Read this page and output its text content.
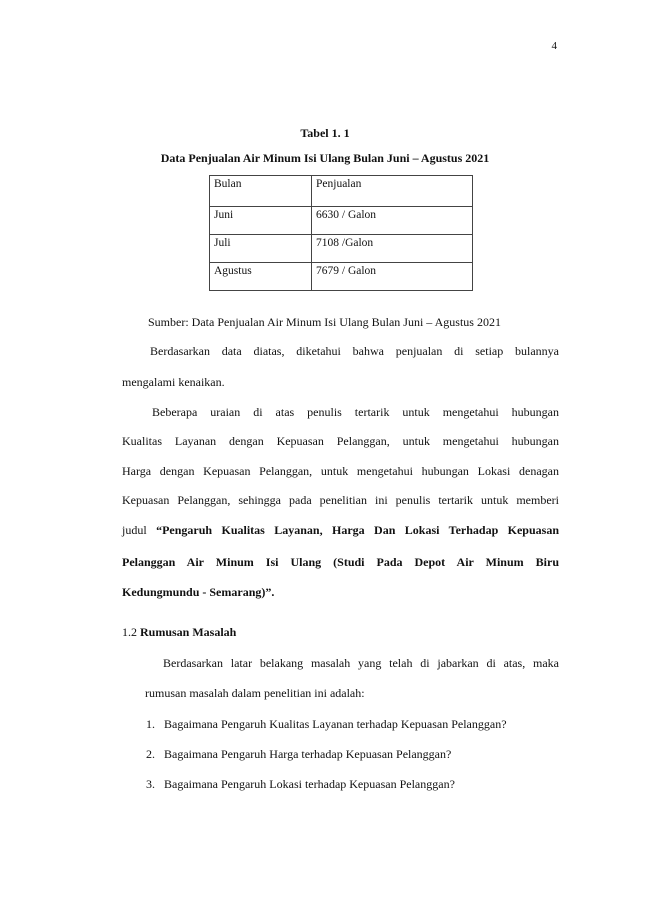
4
Tabel 1. 1
Data Penjualan Air Minum Isi Ulang Bulan Juni – Agustus 2021
Bulan	Penjualan
Juni	6630 / Galon
Juli	7108 /Galon
Agustus	7679 / Galon
Sumber: Data Penjualan Air Minum Isi Ulang Bulan Juni – Agustus 2021
Berdasarkan data diatas, diketahui bahwa penjualan di setiap bulannya
mengalami kenaikan.
Beberapa uraian di atas penulis tertarik untuk mengetahui hubungan
Kualitas Layanan dengan Kepuasan Pelanggan, untuk mengetahui hubungan
Harga dengan Kepuasan Pelanggan, untuk mengetahui hubungan Lokasi denagan
Kepuasan Pelanggan, sehingga pada penelitian ini penulis tertarik untuk memberi
judul “Pengaruh Kualitas Layanan, Harga Dan Lokasi Terhadap Kepuasan
Pelanggan Air Minum Isi Ulang (Studi Pada Depot Air Minum Biru
Kedungmundu - Semarang)”.
1.2 Rumusan Masalah
Berdasarkan latar belakang masalah yang telah di jabarkan di atas, maka
rumusan masalah dalam penelitian ini adalah:
1. Bagaimana Pengaruh Kualitas Layanan terhadap Kepuasan Pelanggan?
2. Bagaimana Pengaruh Harga terhadap Kepuasan Pelanggan?
3. Bagaimana Pengaruh Lokasi terhadap Kepuasan Pelanggan?
